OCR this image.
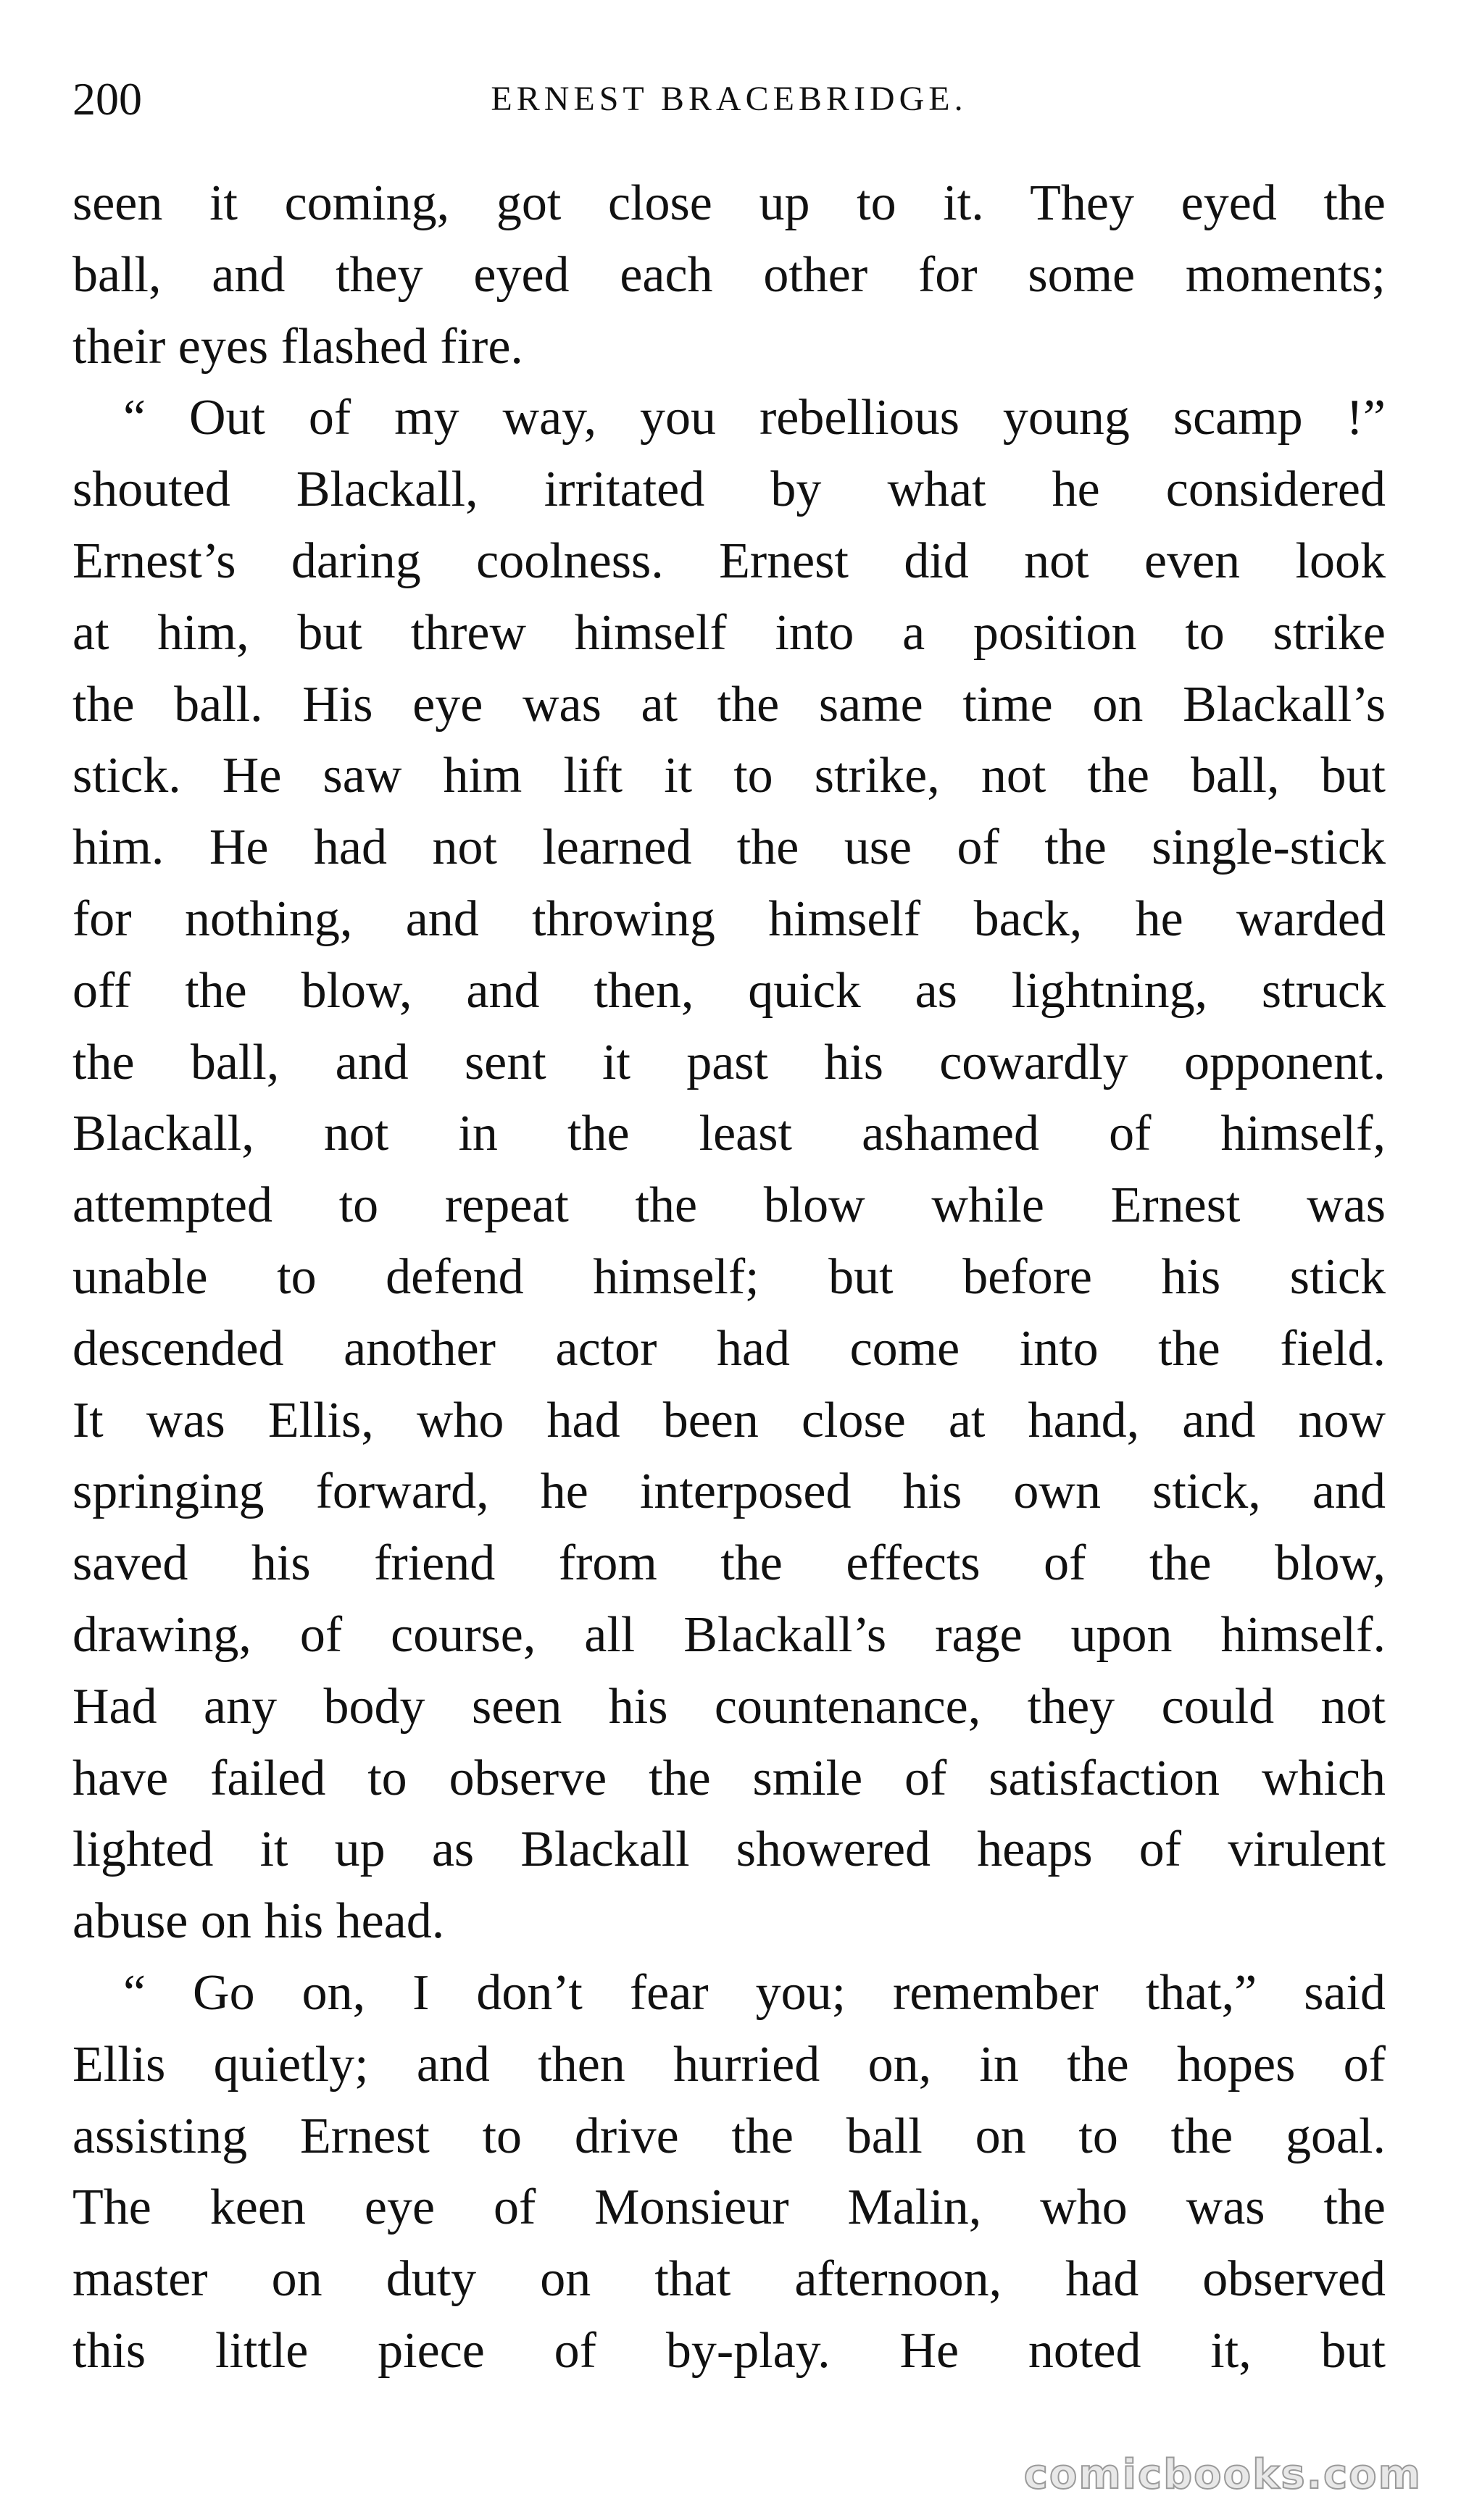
200	ERNEST BRACEBRIDGE.
seen it coming, got close up to it. They eyed the
ball, and they eyed each other for some moments;
their eyes flashed fire.
“ Out of my way, you rebellious young scamp !”
shouted Blackall, irritated by what he considered
Ernest’s daring coolness. Ernest did not even look
at him, but threw himself into a position to strike
the ball. His eye was at the same time on Blackall’s
stick. He saw him lift it to strike, not the ball, but
him. He had not learned the use of the single-stick
for nothing, and throwing himself back, he warded
off the blow, and then, quick as lightning, struck
the ball, and sent it past his cowardly opponent.
Blackall, not in the least ashamed of himself,
attempted to repeat the blow while Ernest was
unable to defend himself; but before his stick
descended another actor had come into the field.
It was Ellis, who had been close at hand, and now
springing forward, he interposed his own stick, and
saved his friend from the effects of the blow,
drawing, of course, all Blackall’s rage upon himself.
Had any body seen his countenance, they could not
have failed to observe the smile of satisfaction which
lighted it up as Blackall showered heaps of virulent
abuse on his head.
“ Go on, I don’t fear you; remember that,” said
Ellis quietly; and then hurried on, in the hopes of
assisting Ernest to drive the ball on to the goal.
The keen eye of Monsieur Malin, who was the
master on duty on that afternoon, had observed
this little piece of by-play. He noted it, but
comicbooks.com
